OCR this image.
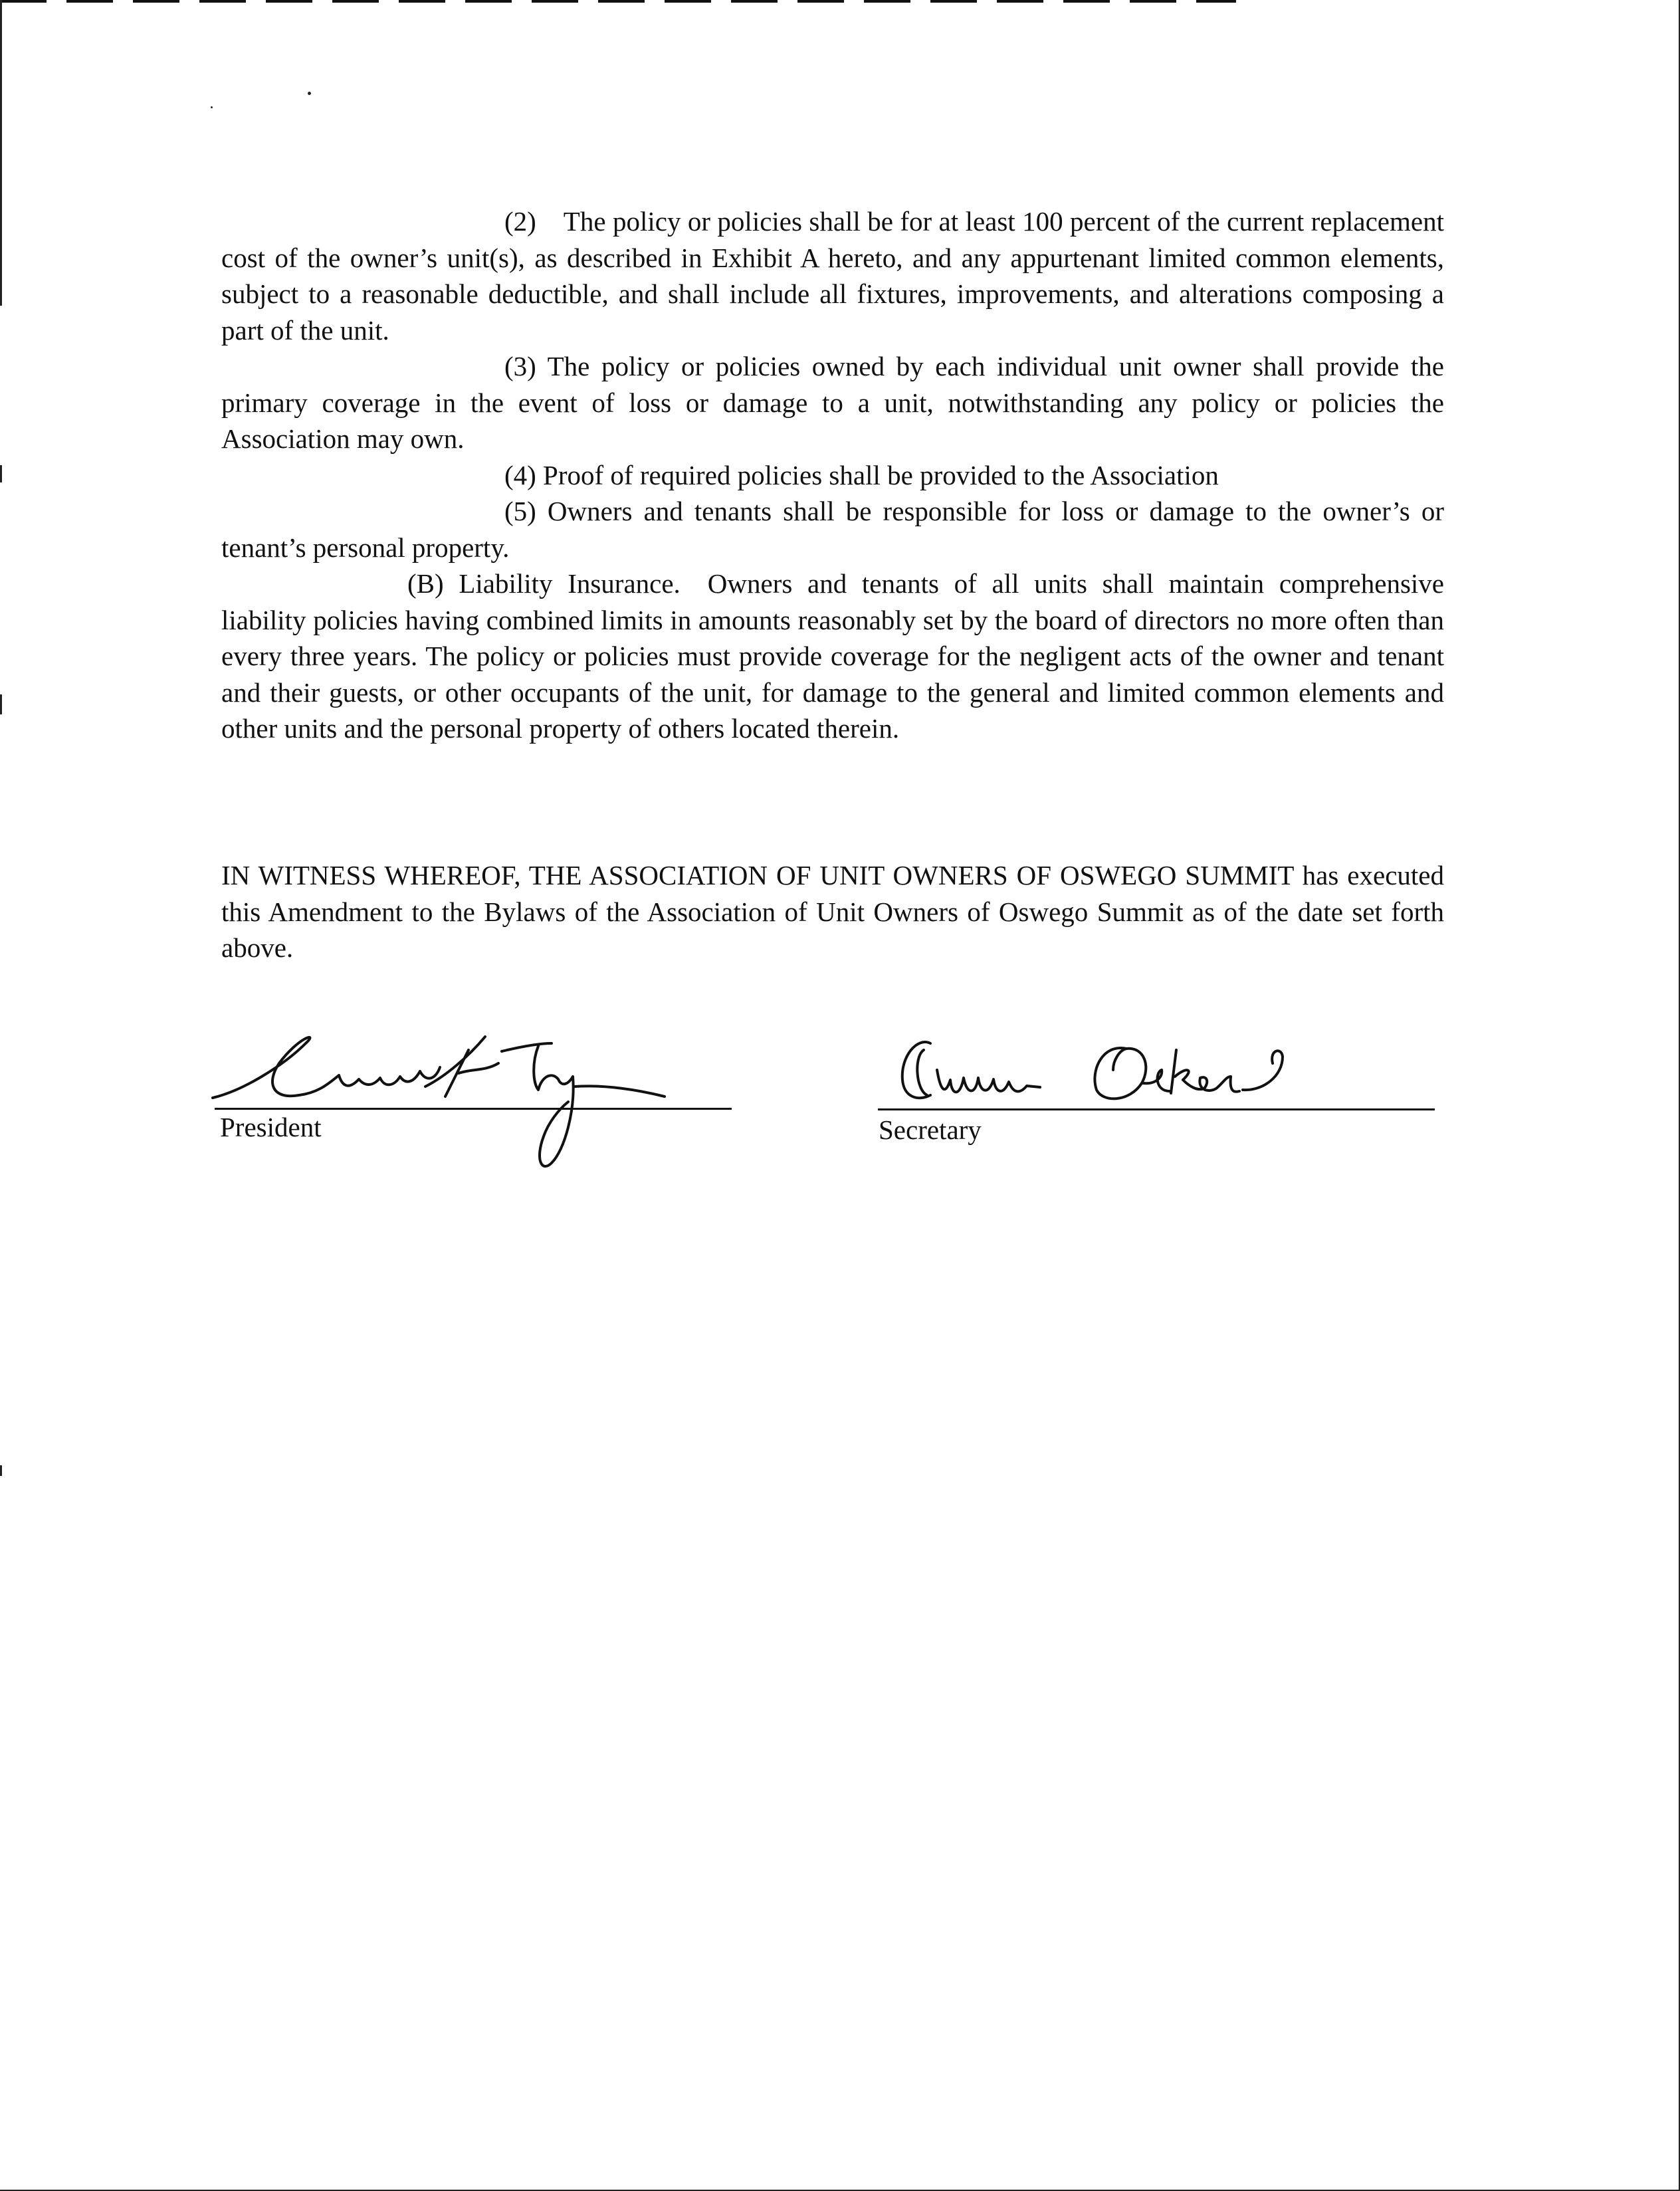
(2) The policy or policies shall be for at least 100 percent of the current replacement cost of the owner’s unit(s), as described in Exhibit A hereto, and any appurtenant limited common elements, subject to a reasonable deductible, and shall include all fixtures, improvements, and alterations composing a part of the unit.

(3) The policy or policies owned by each individual unit owner shall provide the primary coverage in the event of loss or damage to a unit, notwithstanding any policy or policies the Association may own.

(4) Proof of required policies shall be provided to the Association

(5) Owners and tenants shall be responsible for loss or damage to the owner’s or tenant’s personal property.

(B) Liability Insurance. Owners and tenants of all units shall maintain comprehensive liability policies having combined limits in amounts reasonably set by the board of directors no more often than every three years. The policy or policies must provide coverage for the negligent acts of the owner and tenant and their guests, or other occupants of the unit, for damage to the general and limited common elements and other units and the personal property of others located therein.

IN WITNESS WHEREOF, THE ASSOCIATION OF UNIT OWNERS OF OSWEGO SUMMIT has executed this Amendment to the Bylaws of the Association of Unit Owners of Oswego Summit as of the date set forth above.

President	Secretary
